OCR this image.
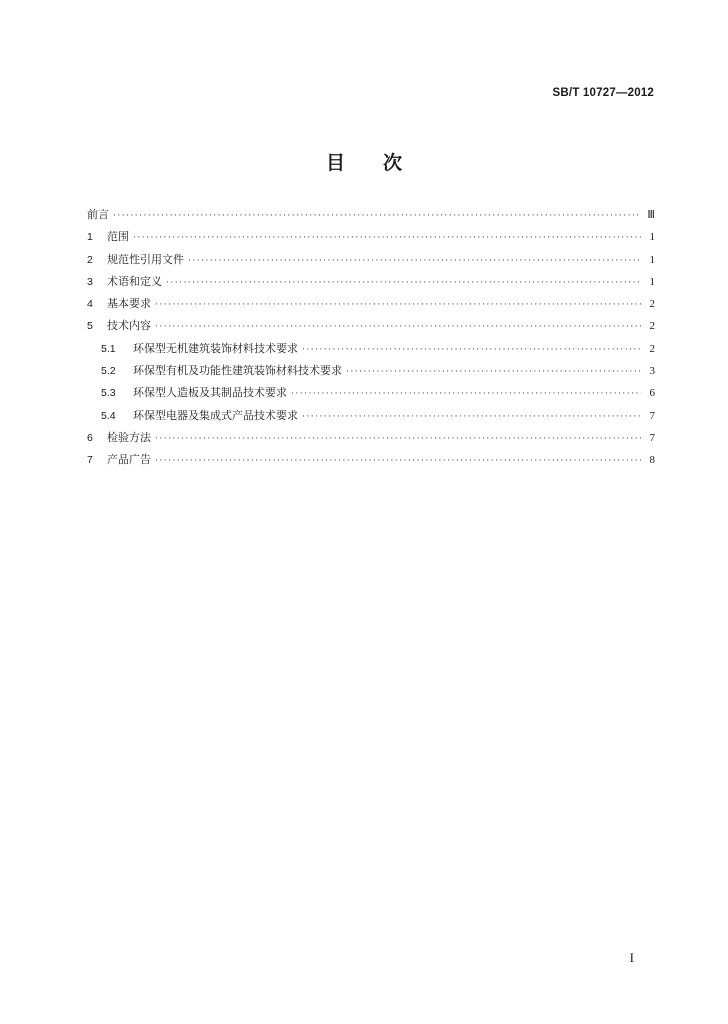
SB/T 10727—2012
目 次
前言 ·····	Ⅲ
1	范围 ·····	1
2	规范性引用文件 ·····	1
3	术语和定义 ·····	1
4	基本要求 ·····	2
5	技术内容 ·····	2
5.1	环保型无机建筑装饰材料技术要求 ·····	2
5.2	环保型有机及功能性建筑装饰材料技术要求 ·····	3
5.3	环保型人造板及其制品技术要求 ·····	6
5.4	环保型电器及集成式产品技术要求 ·····	7
6	检验方法 ·····	7
7	产品广告 ·····	8
I
